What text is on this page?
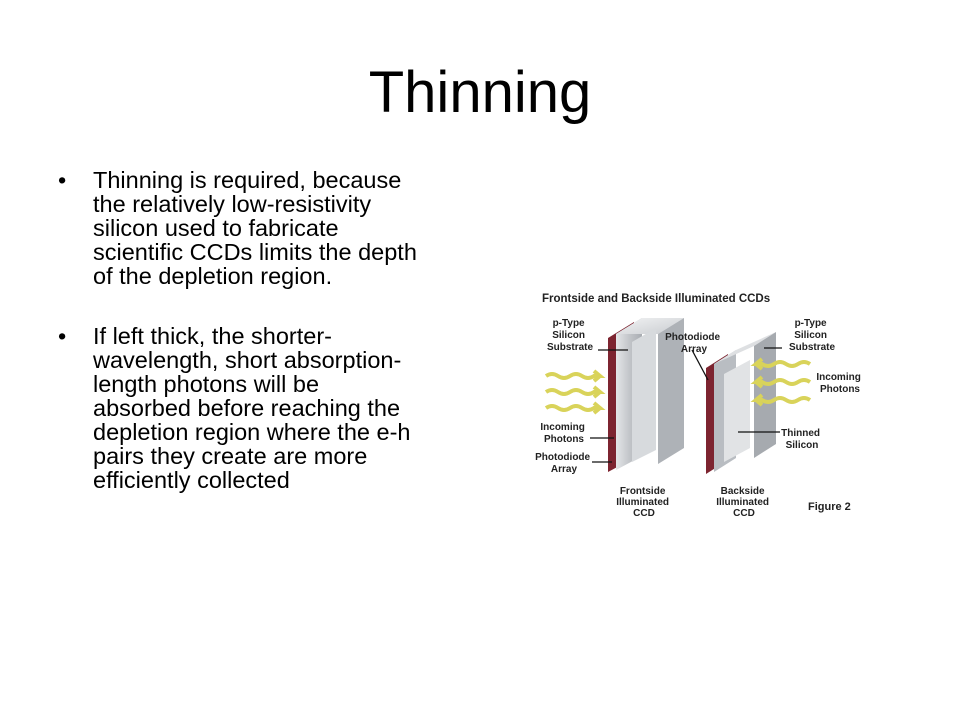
Thinning
• Thinning is required, because
the relatively low-resistivity
silicon used to fabricate
scientific CCDs limits the depth
of the depletion region.
• If left thick, the shorter-
wavelength, short absorption-
length photons will be
absorbed before reaching the
depletion region where the e-h
pairs they create are more
efficiently collected
Frontside and Backside Illuminated CCDs
p-Type Silicon Substrate
Incoming Photons
Photodiode Array
Photodiode Array
p-Type Silicon Substrate
Incoming Photons
Thinned Silicon
Frontside Illuminated CCD
Backside Illuminated CCD
Figure 2
